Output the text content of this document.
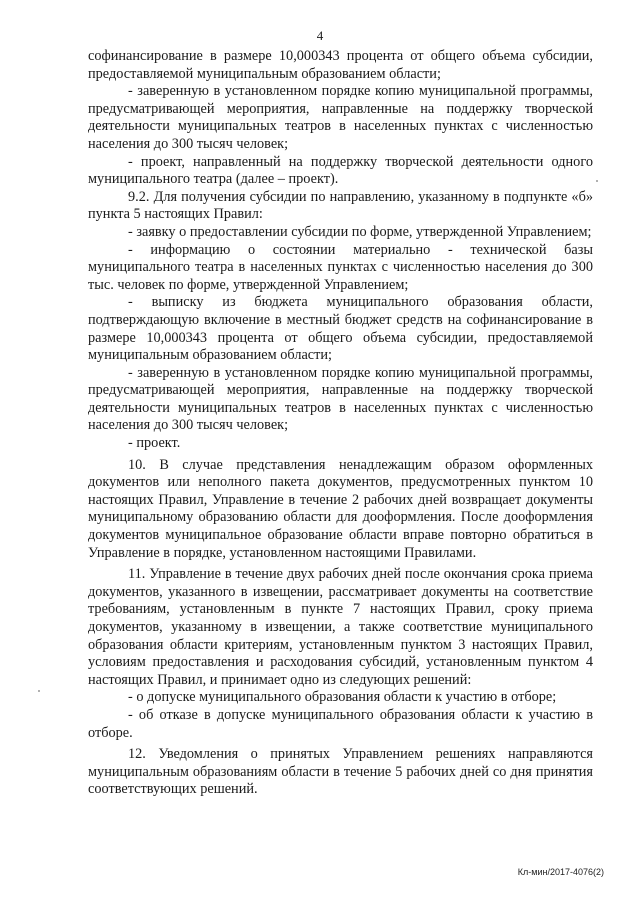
4

софинансирование в размере 10,000343 процента от общего объема субсидии, предоставляемой муниципальным образованием области;

- заверенную в установленном порядке копию муниципальной программы, предусматривающей мероприятия, направленные на поддержку творческой деятельности муниципальных театров в населенных пунктах с численностью населения до 300 тысяч человек;

- проект, направленный на поддержку творческой деятельности одного муниципального театра (далее – проект).

9.2. Для получения субсидии по направлению, указанному в подпункте «б» пункта 5 настоящих Правил:

- заявку о предоставлении субсидии по форме, утвержденной Управлением;

- информацию о состоянии материально - технической базы муниципального театра в населенных пунктах с численностью населения до 300 тыс. человек по форме, утвержденной Управлением;

- выписку из бюджета муниципального образования области, подтверждающую включение в местный бюджет средств на софинансирование в размере 10,000343 процента от общего объема субсидии, предоставляемой муниципальным образованием области;

- заверенную в установленном порядке копию муниципальной программы, предусматривающей мероприятия, направленные на поддержку творческой деятельности муниципальных театров в населенных пунктах с численностью населения до 300 тысяч человек;

- проект.

10. В случае представления ненадлежащим образом оформленных документов или неполного пакета документов, предусмотренных пунктом 10 настоящих Правил, Управление в течение 2 рабочих дней возвращает документы муниципальному образованию области для дооформления. После дооформления документов муниципальное образование области вправе повторно обратиться в Управление в порядке, установленном настоящими Правилами.

11. Управление в течение двух рабочих дней после окончания срока приема документов, указанного в извещении, рассматривает документы на соответствие требованиям, установленным в пункте 7 настоящих Правил, сроку приема документов, указанному в извещении, а также соответствие муниципального образования области критериям, установленным пунктом 3 настоящих Правил, условиям предоставления и расходования субсидий, установленным пунктом 4 настоящих Правил, и принимает одно из следующих решений:

- о допуске муниципального образования области к участию в отборе;

- об отказе в допуске муниципального образования области к участию в отборе.

12. Уведомления о принятых Управлением решениях направляются муниципальным образованиям области в течение 5 рабочих дней со дня принятия соответствующих решений.

Кл-мин/2017-4076(2)
